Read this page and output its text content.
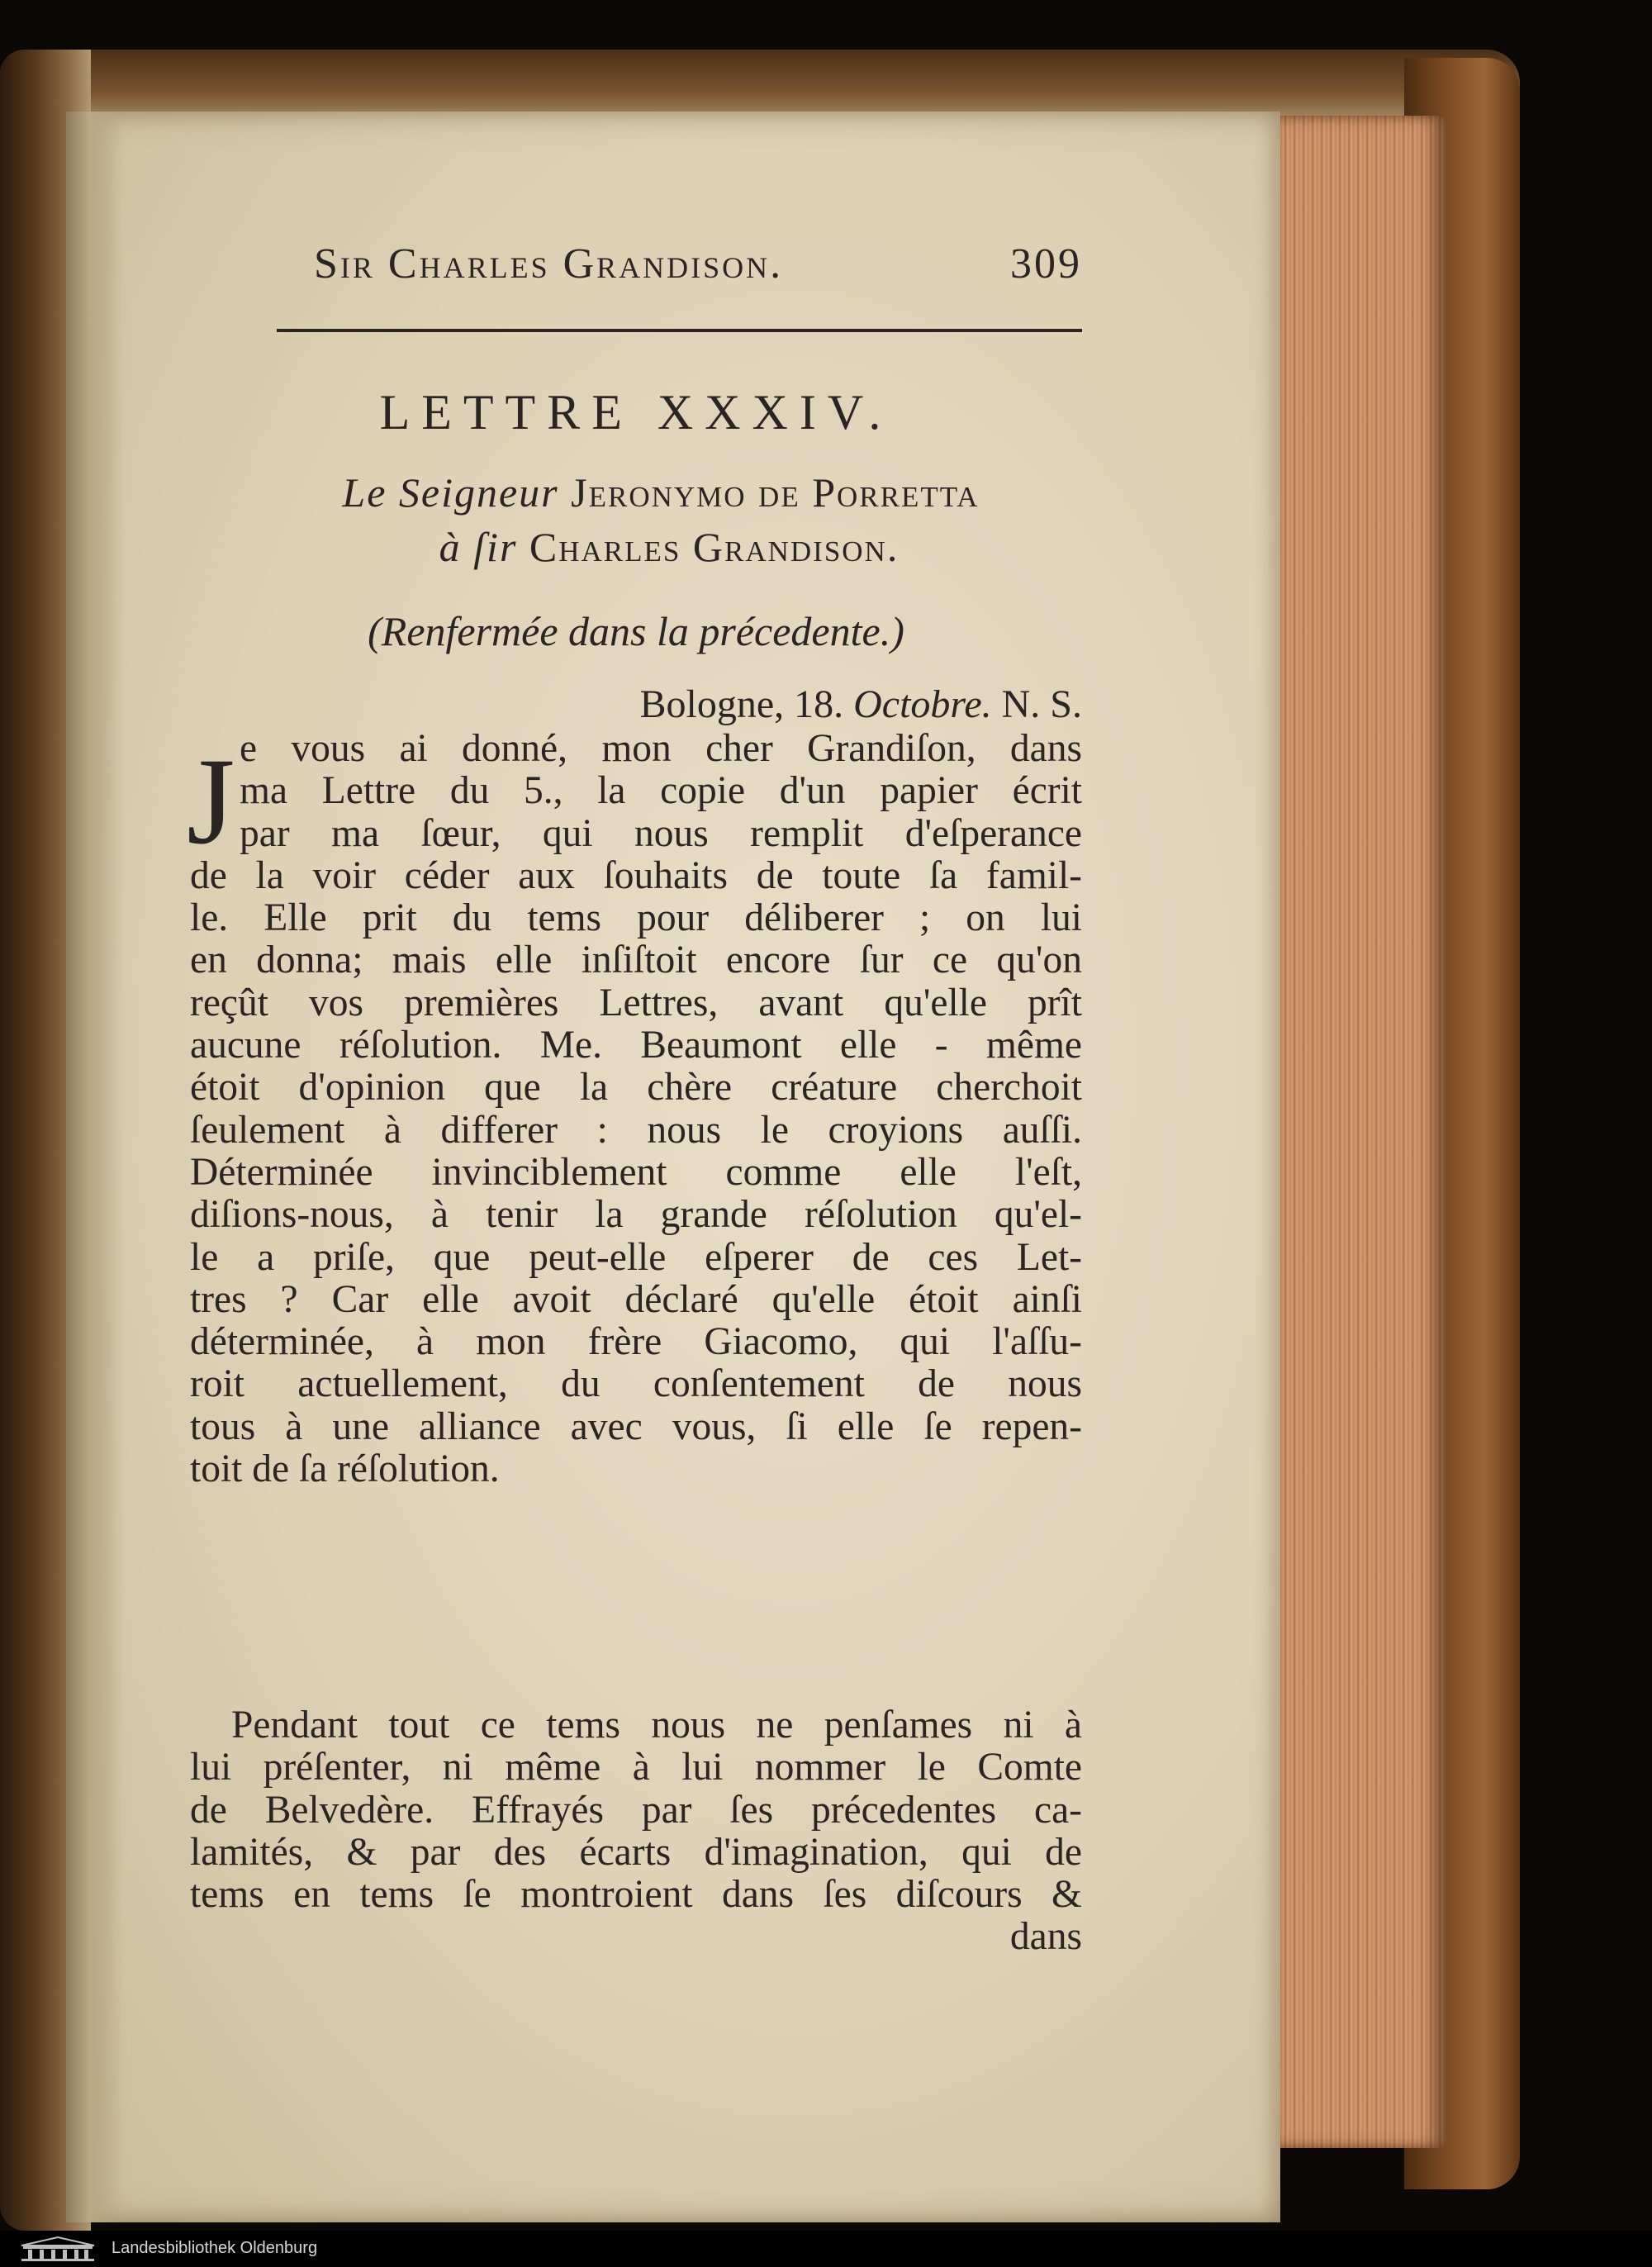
Sir Charles Grandison.	309
LETTRE XXXIV.
Le Seigneur Jeronymo de Porretta
à ſir Charles Grandison.
(Renfermée dans la précedente.)
Bologne, 18. Octobre. N. S.
J e vous ai donné, mon cher Grandiſon, dans
ma Lettre du 5., la copie d'un papier écrit
par ma ſœur, qui nous remplit d'eſperance
de la voir céder aux ſouhaits de toute ſa famil-
le. Elle prit du tems pour déliberer ; on lui
en donna; mais elle inſiſtoit encore ſur ce qu'on
reçût vos premières Lettres, avant qu'elle prît
aucune réſolution. Me. Beaumont elle - même
étoit d'opinion que la chère créature cherchoit
ſeulement à differer : nous le croyions auſſi.
Déterminée invinciblement comme elle l'eſt,
diſions-nous, à tenir la grande réſolution qu'el-
le a priſe, que peut-elle eſperer de ces Let-
tres ? Car elle avoit déclaré qu'elle étoit ainſi
déterminée, à mon frère Giacomo, qui l'aſſu-
roit actuellement, du conſentement de nous
tous à une alliance avec vous, ſi elle ſe repen-
toit de ſa réſolution.
Pendant tout ce tems nous ne penſames ni à
lui préſenter, ni même à lui nommer le Comte
de Belvedère. Effrayés par ſes précedentes ca-
lamités, & par des écarts d'imagination, qui de
tems en tems ſe montroient dans ſes diſcours &
dans
Landesbibliothek Oldenburg
